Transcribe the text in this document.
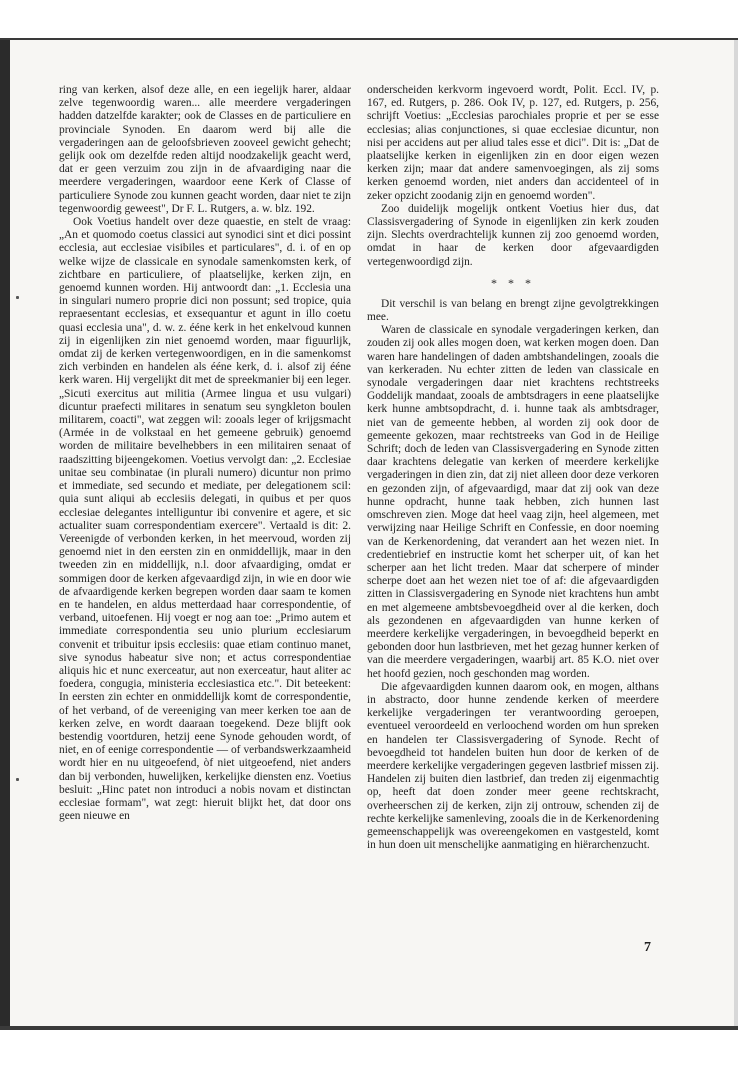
ring van kerken, alsof deze alle, en een iegelijk harer, aldaar zelve tegenwoordig waren... alle meerdere vergaderingen hadden datzelfde karakter; ook de Classes en de particuliere en provinciale Synoden. En daarom werd bij alle die vergaderingen aan de geloofsbrieven zooveel gewicht gehecht; gelijk ook om dezelfde reden altijd noodzakelijk geacht werd, dat er geen verzuim zou zijn in de afvaardiging naar die meerdere vergaderingen, waardoor eene Kerk of Classe of particuliere Synode zou kunnen geacht worden, daar niet te zijn tegenwoordig geweest", Dr F. L. Rutgers, a. w. blz. 192.

Ook Voetius handelt over deze quaestie, en stelt de vraag: „An et quomodo coetus classici aut synodici sint et dici possint ecclesia, aut ecclesiae visibiles et particulares", d. i. of en op welke wijze de classicale en synodale samenkomsten kerk, of zichtbare en particuliere, of plaatselijke, kerken zijn, en genoemd kunnen worden. Hij antwoordt dan: „1. Ecclesia una in singulari numero proprie dici non possunt; sed tropice, quia repraesentant ecclesias, et exsequantur et agunt in illo coetu quasi ecclesia una", d. w. z. ééne kerk in het enkelvoud kunnen zij in eigenlijken zin niet genoemd worden, maar figuurlijk, omdat zij de kerken vertegenwoordigen, en in die samenkomst zich verbinden en handelen als ééne kerk, d. i. alsof zij ééne kerk waren. Hij vergelijkt dit met de spreekmanier bij een leger. „Sicuti exercitus aut militia (Armee lingua et usu vulgari) dicuntur praefecti militares in senatum seu syngkleton boulen militarem, coacti", wat zeggen wil: zooals leger of krijgsmacht (Armée in de volkstaal en het gemeene gebruik) genoemd worden de militaire bevelhebbers in een militairen senaat of raadszitting bijeengekomen. Voetius vervolgt dan: „2. Ecclesiae unitae seu combinatae (in plurali numero) dicuntur non primo et immediate, sed secundo et mediate, per delegationem scil: quia sunt aliqui ab ecclesiis delegati, in quibus et per quos ecclesiae delegantes intelliguntur ibi convenire et agere, et sic actualiter suam correspondentiam exercere". Vertaald is dit: 2. Vereenigde of verbonden kerken, in het meervoud, worden zij genoemd niet in den eersten zin en onmiddellijk, maar in den tweeden zin en middellijk, n.l. door afvaardiging, omdat er sommigen door de kerken afgevaardigd zijn, in wie en door wie de afvaardigende kerken begrepen worden daar saam te komen en te handelen, en aldus metterdaad haar correspondentie, of verband, uitoefenen. Hij voegt er nog aan toe: „Primo autem et immediate correspondentia seu unio plurium ecclesiarum convenit et tribuitur ipsis ecclesiis: quae etiam continuo manet, sive synodus habeatur sive non; et actus correspondentiae aliquis hic et nunc exerceatur, aut non exerceatur, haut aliter ac foedera, congugia, ministeria ecclesiastica etc.". Dit beteekent: In eersten zin echter en onmiddellijk komt de correspondentie, of het verband, of de vereeniging van meer kerken toe aan de kerken zelve, en wordt daaraan toegekend. Deze blijft ook bestendig voortduren, hetzij eene Synode gehouden wordt, of niet, en of eenige correspondentie — of verbandswerkzaamheid wordt hier en nu uitgeoefend, òf niet uitgeoefend, niet anders dan bij verbonden, huwelijken, kerkelijke diensten enz. Voetius besluit: „Hinc patet non introduci a nobis novam et distinctan ecclesiae formam", wat zegt: hieruit blijkt het, dat door ons geen nieuwe en

onderscheiden kerkvorm ingevoerd wordt, Polit. Eccl. IV, p. 167, ed. Rutgers, p. 286. Ook IV, p. 127, ed. Rutgers, p. 256, schrijft Voetius: „Ecclesias parochiales proprie et per se esse ecclesias; alias conjunctiones, si quae ecclesiae dicuntur, non nisi per accidens aut per aliud tales esse et dici". Dit is: „Dat de plaatselijke kerken in eigenlijken zin en door eigen wezen kerken zijn; maar dat andere samenvoegingen, als zij soms kerken genoemd worden, niet anders dan accidenteel of in zeker opzicht zoodanig zijn en genoemd worden".

Zoo duidelijk mogelijk ontkent Voetius hier dus, dat Classisvergadering of Synode in eigenlijken zin kerk zouden zijn. Slechts overdrachtelijk kunnen zij zoo genoemd worden, omdat in haar de kerken door afgevaardigden vertegenwoordigd zijn.

* * *

Dit verschil is van belang en brengt zijne gevolgtrekkingen mee.

Waren de classicale en synodale vergaderingen kerken, dan zouden zij ook alles mogen doen, wat kerken mogen doen. Dan waren hare handelingen of daden ambtshandelingen, zooals die van kerkeraden. Nu echter zitten de leden van classicale en synodale vergaderingen daar niet krachtens rechtstreeks Goddelijk mandaat, zooals de ambtsdragers in eene plaatselijke kerk hunne ambtsopdracht, d. i. hunne taak als ambtsdrager, niet van de gemeente hebben, al worden zij ook door de gemeente gekozen, maar rechtstreeks van God in de Heilige Schrift; doch de leden van Classisvergadering en Synode zitten daar krachtens delegatie van kerken of meerdere kerkelijke vergaderingen in dien zin, dat zij niet alleen door deze verkoren en gezonden zijn, of afgevaardigd, maar dat zij ook van deze hunne opdracht, hunne taak hebben, zich hunnen last omschreven zien. Moge dat heel vaag zijn, heel algemeen, met verwijzing naar Heilige Schrift en Confessie, en door noeming van de Kerkenordening, dat verandert aan het wezen niet. In credentiebrief en instructie komt het scherper uit, of kan het scherper aan het licht treden. Maar dat scherpere of minder scherpe doet aan het wezen niet toe of af: die afgevaardigden zitten in Classisvergadering en Synode niet krachtens hun ambt en met algemeene ambtsbevoegdheid over al die kerken, doch als gezondenen en afgevaardigden van hunne kerken of meerdere kerkelijke vergaderingen, in bevoegdheid beperkt en gebonden door hun lastbrieven, met het gezag hunner kerken of van die meerdere vergaderingen, waarbij art. 85 K.O. niet over het hoofd gezien, noch geschonden mag worden.

Die afgevaardigden kunnen daarom ook, en mogen, althans in abstracto, door hunne zendende kerken of meerdere kerkelijke vergaderingen ter verantwoording geroepen, eventueel veroordeeld en verloochend worden om hun spreken en handelen ter Classisvergadering of Synode. Recht of bevoegdheid tot handelen buiten hun door de kerken of de meerdere kerkelijke vergaderingen gegeven lastbrief missen zij. Handelen zij buiten dien lastbrief, dan treden zij eigenmachtig op, heeft dat doen zonder meer geene rechtskracht, overheerschen zij de kerken, zijn zij ontrouw, schenden zij de rechte kerkelijke samenleving, zooals die in de Kerkenordening gemeenschappelijk was overeengekomen en vastgesteld, komt in hun doen uit menschelijke aanmatiging en hiërarchenzucht.

7
